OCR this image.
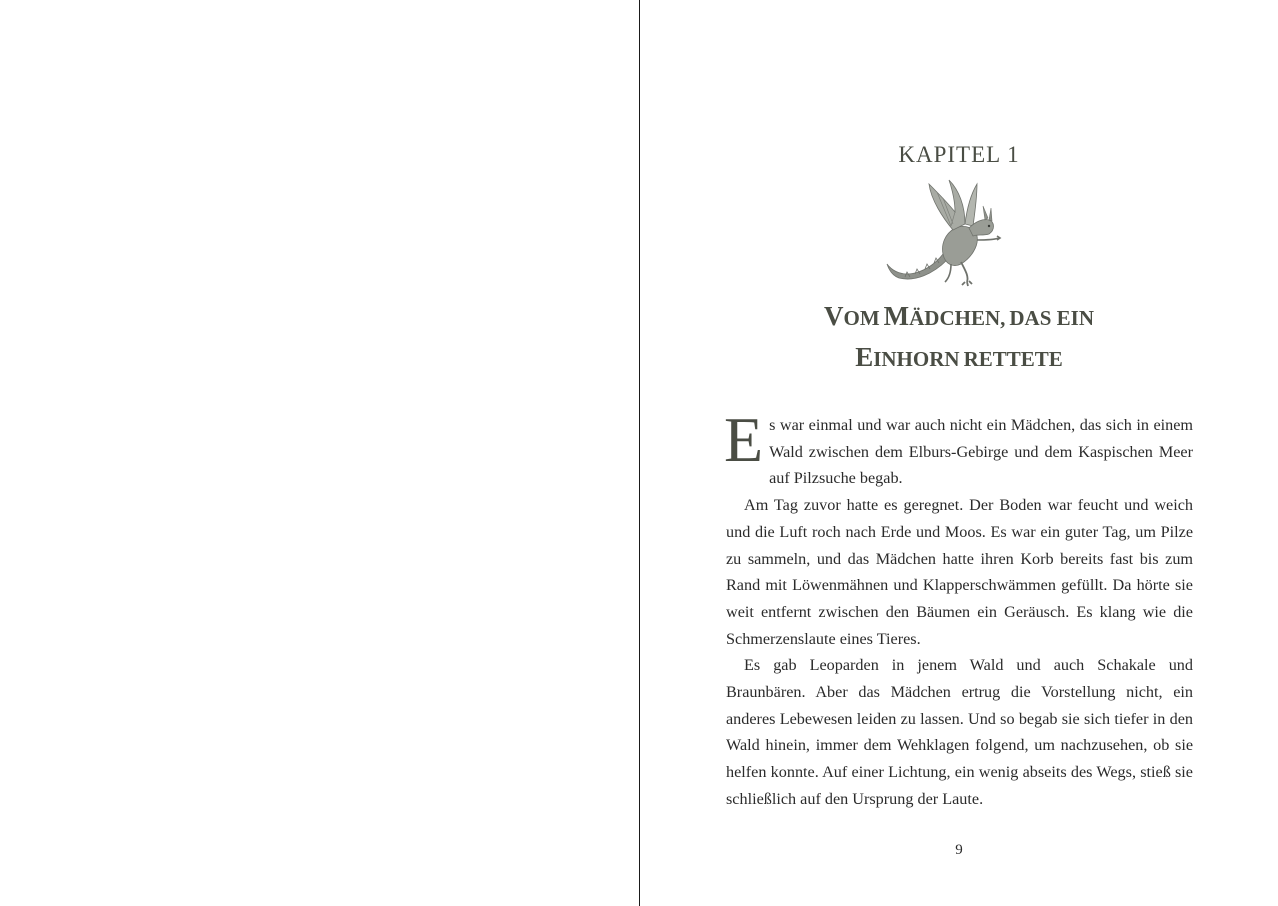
KAPITEL 1
VOM MÄDCHEN, DAS EIN
EINHORN RETTETE

Es war einmal und war auch nicht ein Mädchen, das sich in einem Wald zwischen dem Elburs-Gebirge und dem Kaspischen Meer auf Pilzsuche begab.

Am Tag zuvor hatte es geregnet. Der Boden war feucht und weich und die Luft roch nach Erde und Moos. Es war ein guter Tag, um Pilze zu sammeln, und das Mädchen hatte ihren Korb bereits fast bis zum Rand mit Löwenmähnen und Klapperschwämmen gefüllt. Da hörte sie weit entfernt zwischen den Bäumen ein Geräusch. Es klang wie die Schmerzenslaute eines Tieres.

Es gab Leoparden in jenem Wald und auch Schakale und Braunbären. Aber das Mädchen ertrug die Vorstellung nicht, ein anderes Lebewesen leiden zu lassen. Und so begab sie sich tiefer in den Wald hinein, immer dem Wehklagen folgend, um nachzusehen, ob sie helfen konnte. Auf einer Lichtung, ein wenig abseits des Wegs, stieß sie schließlich auf den Ursprung der Laute.

9
